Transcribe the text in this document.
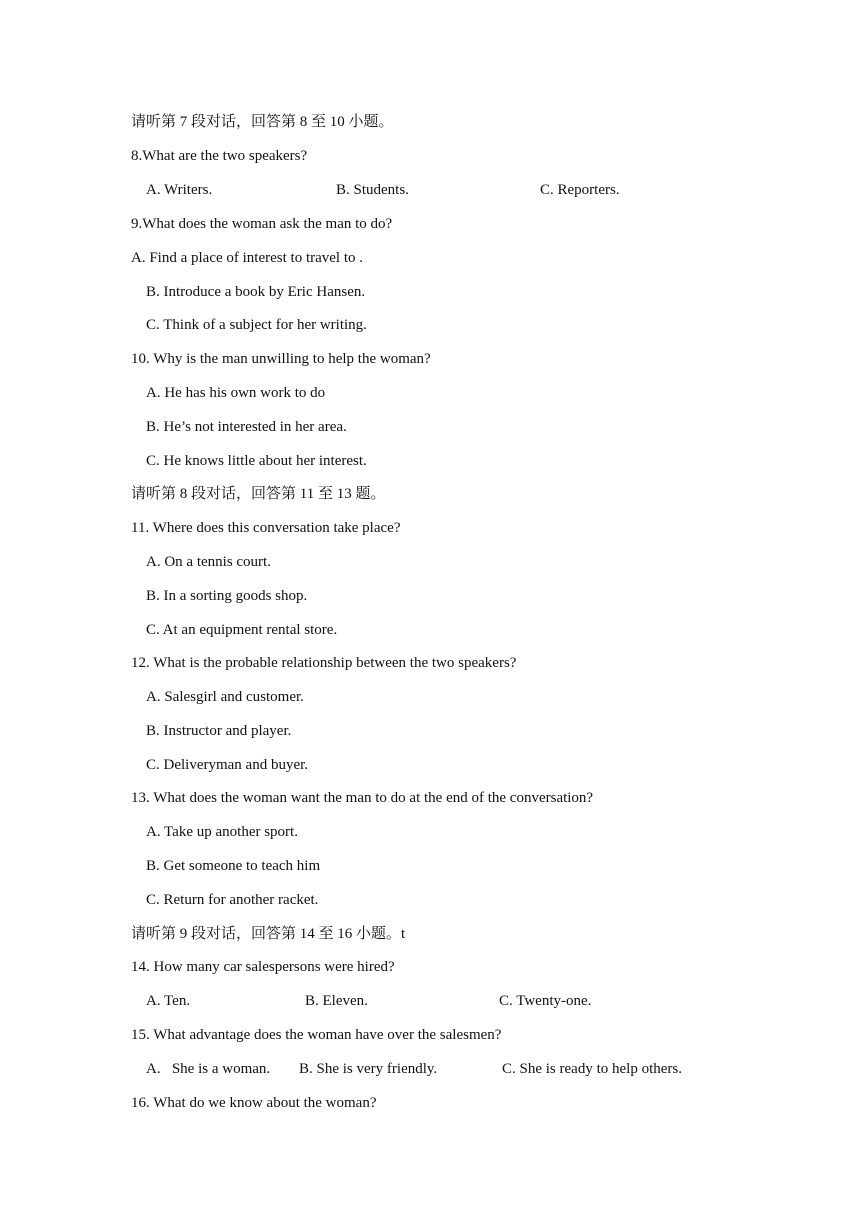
请听第 7 段对话，回答第 8 至 10 小题。
8.What are the two speakers?
A. Writers.	B. Students.	C. Reporters.
9.What does the woman ask the man to do?
A. Find a place of interest to travel to .
B. Introduce a book by Eric Hansen.
C. Think of a subject for her writing.
10. Why is the man unwilling to help the woman?
A. He has his own work to do
B. He’s not interested in her area.
C. He knows little about her interest.
请听第 8 段对话，回答第 11 至 13 题。
11. Where does this conversation take place?
A. On a tennis court.
B. In a sorting goods shop.
C. At an equipment rental store.
12. What is the probable relationship between the two speakers?
A. Salesgirl and customer.
B. Instructor and player.
C. Deliveryman and buyer.
13. What does the woman want the man to do at the end of the conversation?
A. Take up another sport.
B. Get someone to teach him
C. Return for another racket.
请听第 9 段对话，回答第 14 至 16 小题。t
14. How many car salespersons were hired?
A. Ten.	B. Eleven.	C. Twenty-one.
15. What advantage does the woman have over the salesmen?
A.   She is a woman. B. She is very friendly.	C. She is ready to help others.
16. What do we know about the woman?
